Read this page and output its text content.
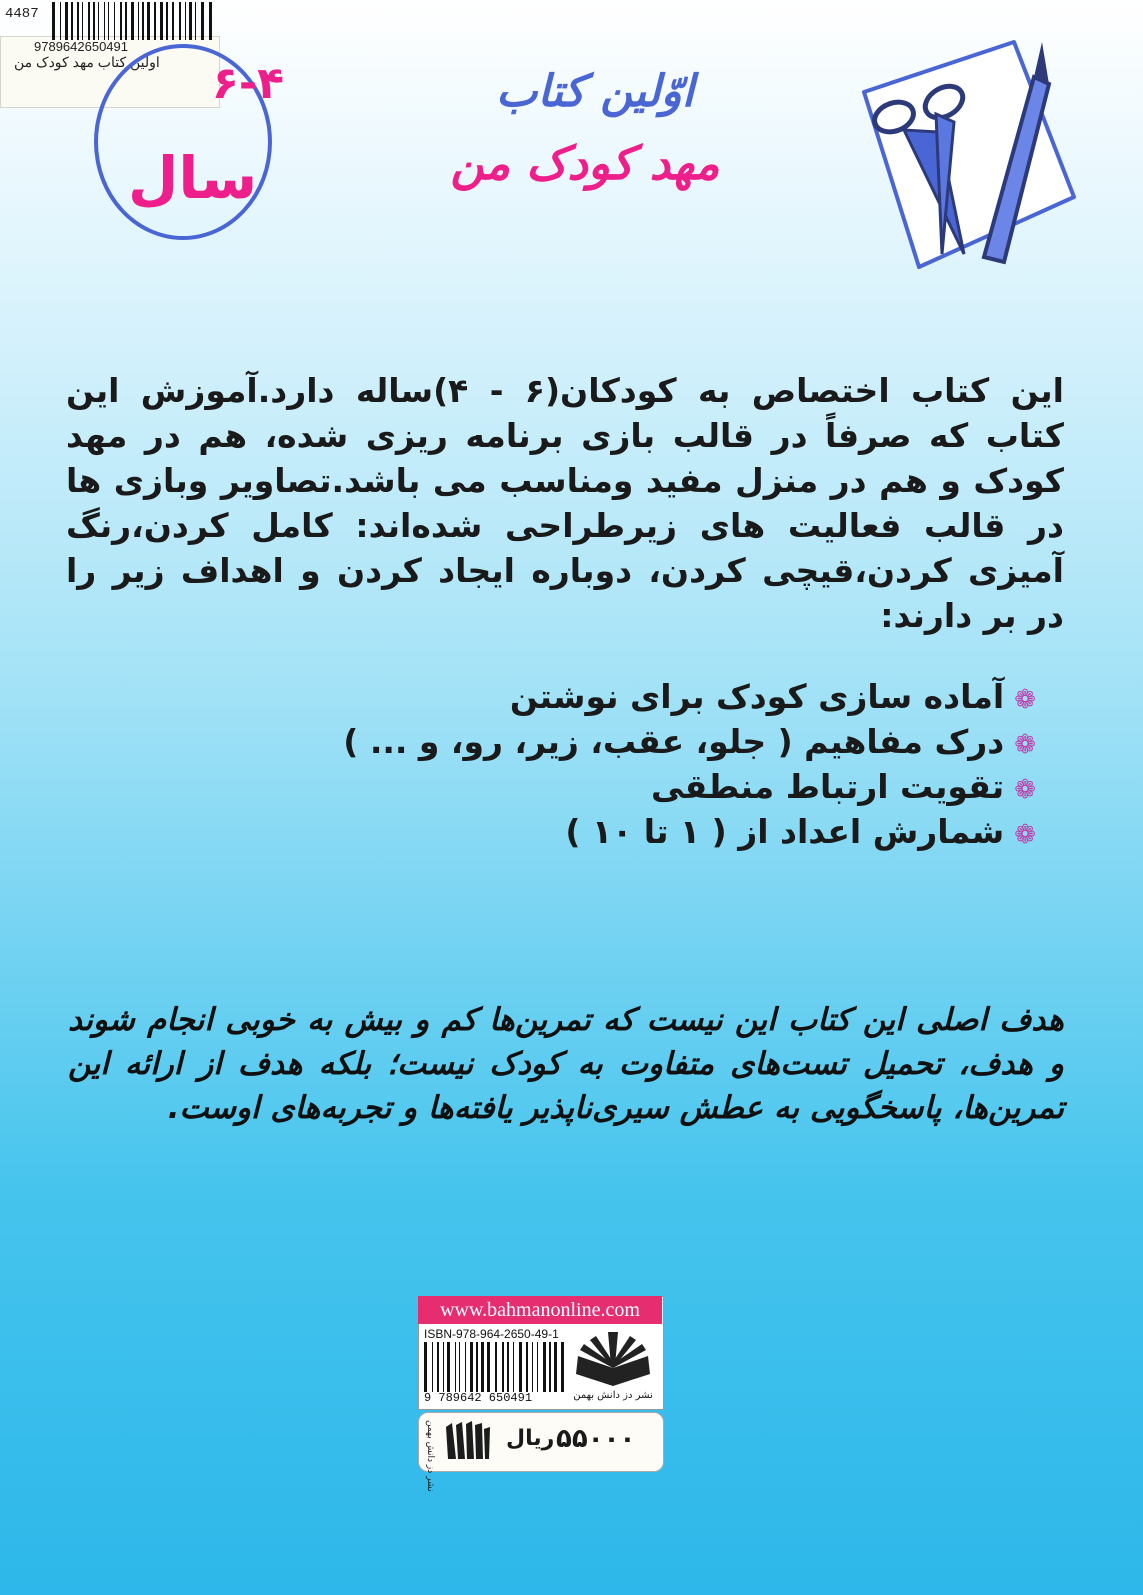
4487
9789642650491
اولین کتاب مهد کودک من ۶-۴
سال
اوّلین کتاب
مهد کودک من
این کتاب اختصاص به کودکان(۶ - ۴)ساله دارد.آموزش این کتاب که صرفاً در قالب بازی برنامه ریزی شده، هم در مهد کودک و هم در منزل مفید ومناسب می باشد.تصاویر وبازی ها در قالب فعالیت های زیرطراحی شده‌اند: کامل کردن،رنگ آمیزی کردن،قیچی کردن، دوباره ایجاد کردن و اهداف زیر را در بر دارند:
❁آماده سازی کودک برای نوشتن
❁درک مفاهیم ( جلو، عقب، زیر، رو، و ... )
❁تقویت ارتباط منطقی
❁شمارش اعداد از ( ۱ تا ۱۰ )
هدف اصلی این کتاب این نیست که تمرین‌ها کم و بیش به خوبی انجام شوند و هدف، تحمیل تست‌های متفاوت به کودک نیست؛ بلکه هدف از ارائه این تمرین‌ها، پاسخگویی به عطش سیری‌ناپذیر یافته‌ها و تجربه‌های اوست.
www.bahmanonline.com
ISBN-978-964-2650-49-1
9 789642 650491	نشر دز دانش بهمن
۵۵۰۰۰
ریال
نشر دز دانش بهمن
